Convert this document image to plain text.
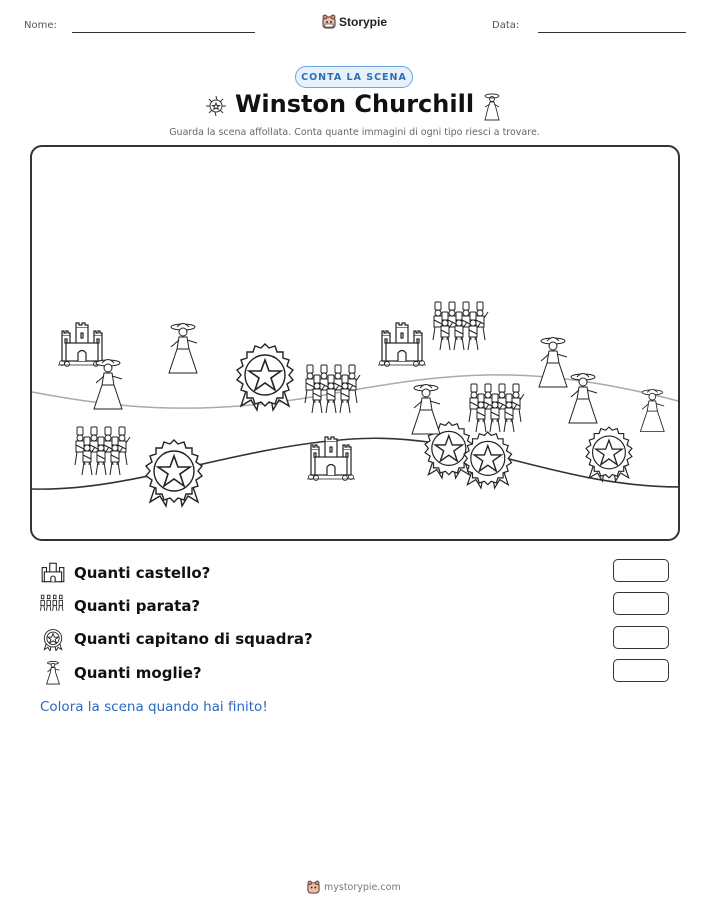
Nome:	Storypie	Data:
CONTA LA SCENA
Winston Churchill
Guarda la scena affollata. Conta quante immagini di ogni tipo riesci a trovare.
Quanti castello?
Quanti parata?
Quanti capitano di squadra?
Quanti moglie?
Colora la scena quando hai finito!
mystorypie.com
